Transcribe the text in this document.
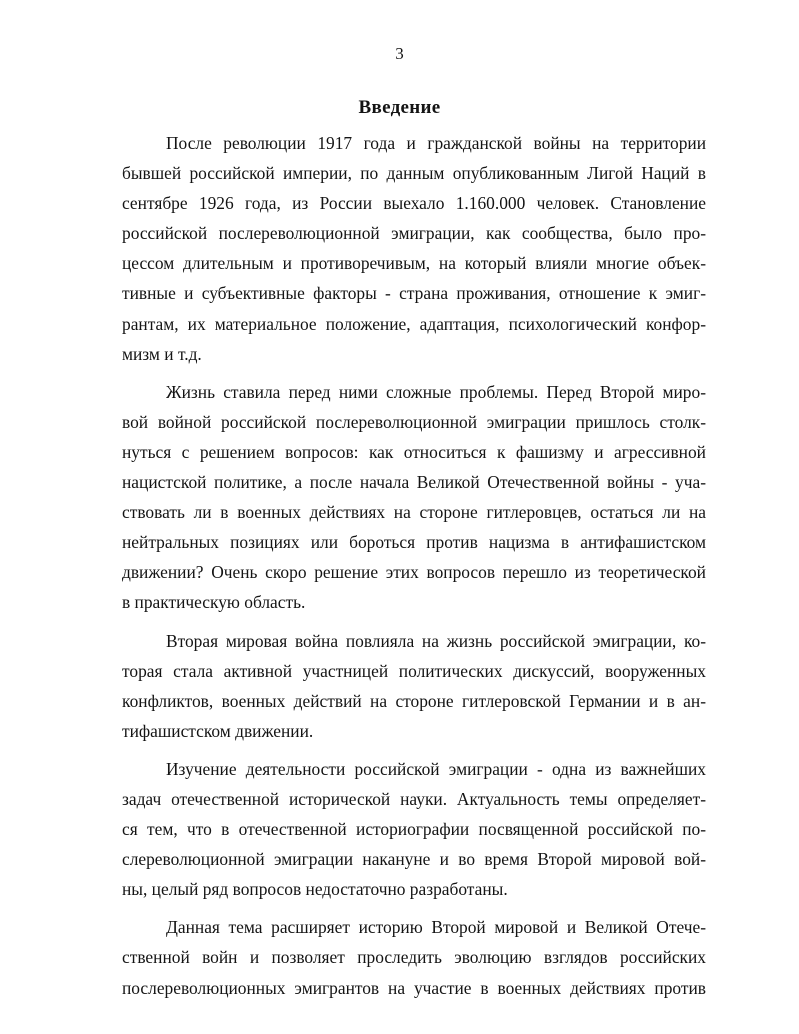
3
Введение
После революции 1917 года и гражданской войны на территории
бывшей российской империи, по данным опубликованным Лигой Наций в
сентябре 1926 года, из России выехало 1.160.000 человек. Становление
российской послереволюционной эмиграции, как сообщества, было про-
цессом длительным и противоречивым, на который влияли многие объек-
тивные и субъективные факторы - страна проживания, отношение к эмиг-
рантам, их материальное положение, адаптация, психологический конфор-
мизм и т.д.
Жизнь ставила перед ними сложные проблемы. Перед Второй миро-
вой войной российской послереволюционной эмиграции пришлось столк-
нуться с решением вопросов: как относиться к фашизму и агрессивной
нацистской политике, а после начала Великой Отечественной войны - уча-
ствовать ли в военных действиях на стороне гитлеровцев, остаться ли на
нейтральных позициях или бороться против нацизма в антифашистском
движении? Очень скоро решение этих вопросов перешло из теоретической
в практическую область.
Вторая мировая война повлияла на жизнь российской эмиграции, ко-
торая стала активной участницей политических дискуссий, вооруженных
конфликтов, военных действий на стороне гитлеровской Германии и в ан-
тифашистском движении.
Изучение деятельности российской эмиграции - одна из важнейших
задач отечественной исторической науки. Актуальность темы определяет-
ся тем, что в отечественной историографии посвященной российской по-
слереволюционной эмиграции накануне и во время Второй мировой вой-
ны, целый ряд вопросов недостаточно разработаны.
Данная тема расширяет историю Второй мировой и Великой Отече-
ственной войн и позволяет проследить эволюцию взглядов российских
послереволюционных эмигрантов на участие в военных действиях против
